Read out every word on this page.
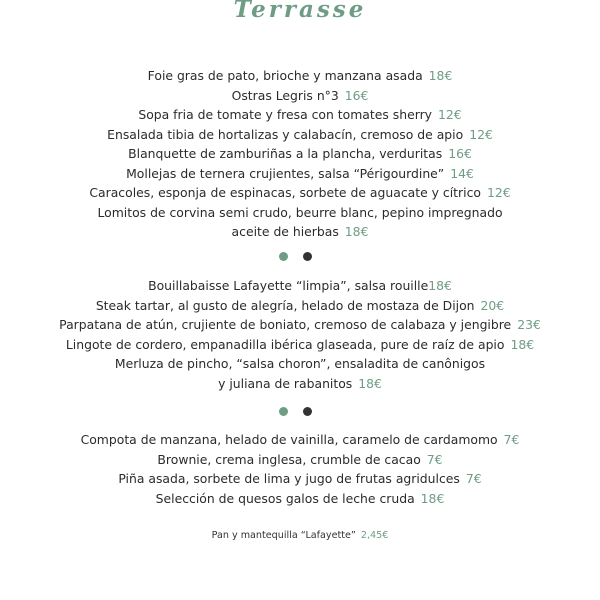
Terrasse
Foie gras de pato, brioche y manzana asada 18€
Ostras Legris n°3 16€
Sopa fria de tomate y fresa con tomates sherry 12€
Ensalada tibia de hortalizas y calabacín, cremoso de apio 12€
Blanquette de zamburiñas a la plancha, verduritas 16€
Mollejas de ternera crujientes, salsa “Périgourdine” 14€
Caracoles, esponja de espinacas, sorbete de aguacate y cítrico 12€
Lomitos de corvina semi crudo, beurre blanc, pepino impregnado
aceite de hierbas 18€
Bouillabaisse Lafayette “limpia”, salsa rouille18€
Steak tartar, al gusto de alegría, helado de mostaza de Dijon 20€
Parpatana de atún, crujiente de boniato, cremoso de calabaza y jengibre 23€
Lingote de cordero, empanadilla ibérica glaseada, pure de raíz de apio 18€
Merluza de pincho, “salsa choron”, ensaladita de canônigos
y juliana de rabanitos 18€
Compota de manzana, helado de vainilla, caramelo de cardamomo 7€
Brownie, crema inglesa, crumble de cacao 7€
Piña asada, sorbete de lima y jugo de frutas agridulces 7€
Selección de quesos galos de leche cruda 18€
Pan y mantequilla “Lafayette” 2,45€
